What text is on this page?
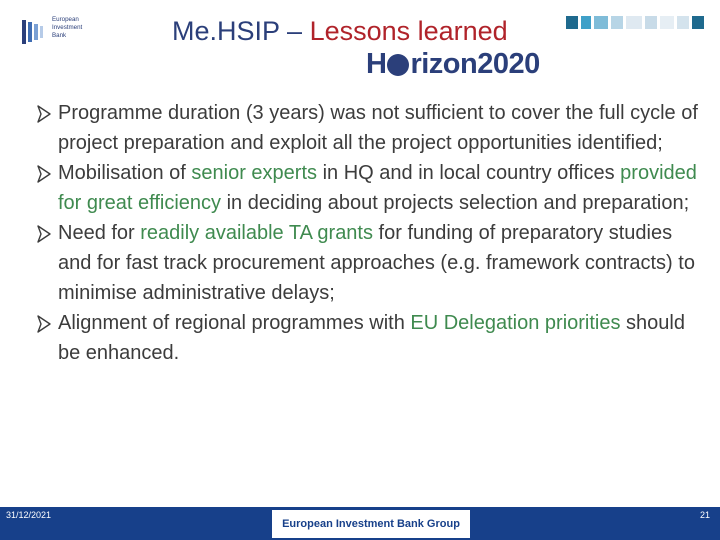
European
Investment
Bank	Me.HSIP – Lessons learned
H rizon2020
Programme duration (3 years) was not sufficient to cover the full cycle of project preparation and exploit all the project opportunities identified;
Mobilisation of senior experts in HQ and in local country offices provided for great efficiency in deciding about projects selection and preparation;
Need for readily available TA grants for funding of preparatory studies and for fast track procurement approaches (e.g. framework contracts) to minimise administrative delays;
Alignment of regional programmes with EU Delegation priorities should be enhanced.
31/12/2021
European Investment Bank Group
21
